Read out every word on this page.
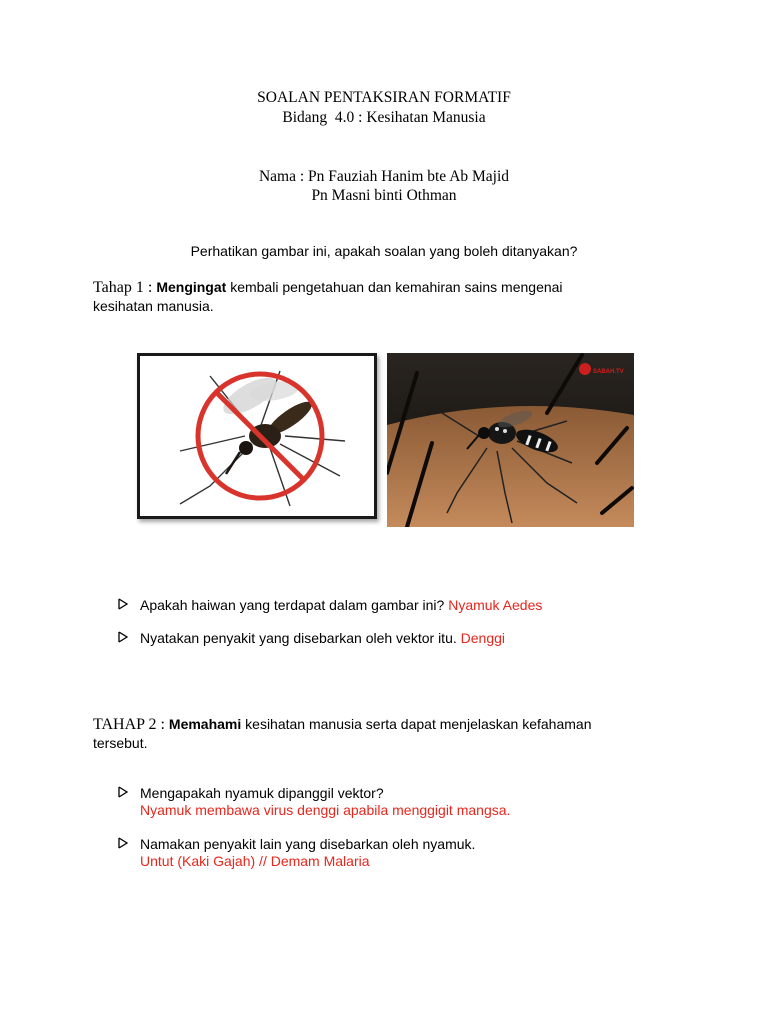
SOALAN PENTAKSIRAN FORMATIF
Bidang  4.0 : Kesihatan Manusia
Nama : Pn Fauziah Hanim bte Ab Majid
Pn Masni binti Othman
Perhatikan gambar ini, apakah soalan yang boleh ditanyakan?
Tahap 1 : Mengingat kembali pengetahuan dan kemahiran sains mengenai
kesihatan manusia.
SABAH.TV
Apakah haiwan yang terdapat dalam gambar ini? Nyamuk Aedes
Nyatakan penyakit yang disebarkan oleh vektor itu. Denggi
TAHAP 2 : Memahami kesihatan manusia serta dapat menjelaskan kefahaman
tersebut.
Mengapakah nyamuk dipanggil vektor?
Nyamuk membawa virus denggi apabila menggigit mangsa.
Namakan penyakit lain yang disebarkan oleh nyamuk.
Untut (Kaki Gajah) // Demam Malaria
